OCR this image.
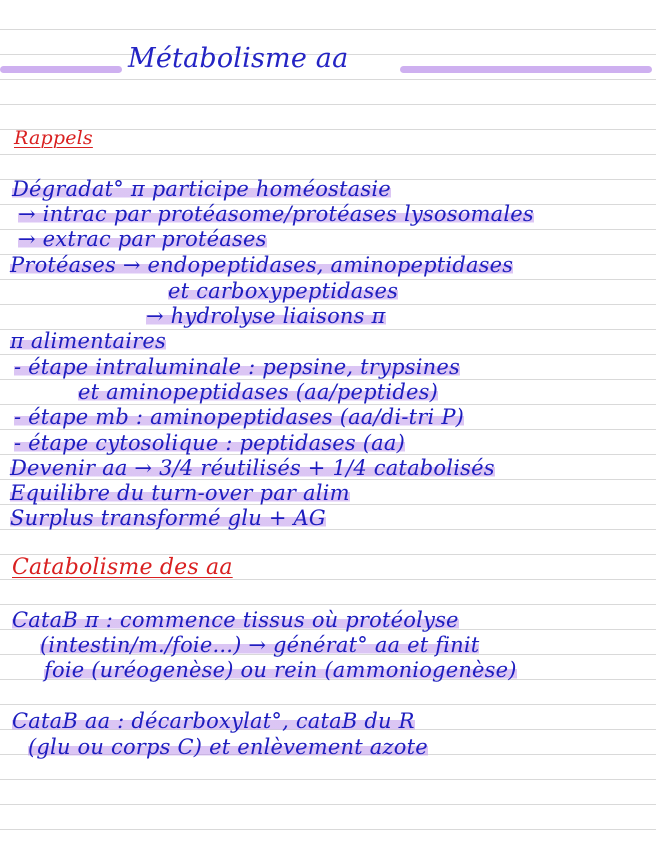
Métabolisme aa
Rappels
Dégradat° π participe homéostasie
→ intrac par protéasome/protéases lysosomales
→ extrac par protéases
Protéases → endopeptidases, aminopeptidases
et carboxypeptidases
→ hydrolyse liaisons π
π alimentaires
- étape intraluminale : pepsine, trypsines
et aminopeptidases (aa/peptides)
- étape mb : aminopeptidases (aa/di-tri P)
- étape cytosolique : peptidases (aa)
Devenir aa → 3/4 réutilisés + 1/4 catabolisés
Equilibre du turn-over par alim
Surplus transformé glu + AG
Catabolisme des aa
CataB π : commence tissus où protéolyse
(intestin/m./foie...) → générat° aa et finit
foie (uréogenèse) ou rein (ammoniogenèse)
CataB aa : décarboxylat°, cataB du R
(glu ou corps C) et enlèvement azote
